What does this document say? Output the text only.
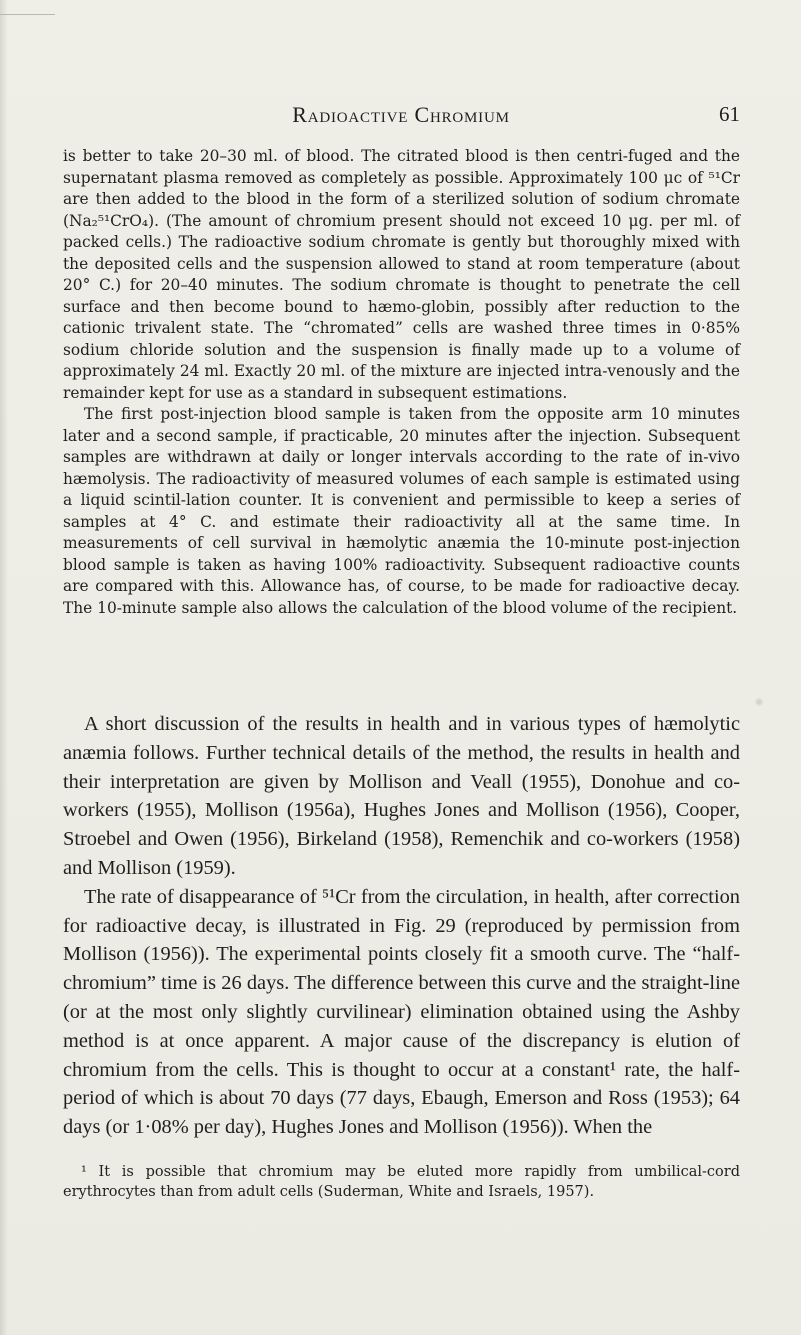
Radioactive Chromium	61

is better to take 20–30 ml. of blood. The citrated blood is then centri-fuged and the supernatant plasma removed as completely as possible. Approximately 100 μc of ⁵¹Cr are then added to the blood in the form of a sterilized solution of sodium chromate (Na₂⁵¹CrO₄). (The amount of chromium present should not exceed 10 μg. per ml. of packed cells.) The radioactive sodium chromate is gently but thoroughly mixed with the deposited cells and the suspension allowed to stand at room temperature (about 20° C.) for 20–40 minutes. The sodium chromate is thought to penetrate the cell surface and then become bound to hæmo-globin, possibly after reduction to the cationic trivalent state. The “chromated” cells are washed three times in 0·85% sodium chloride solution and the suspension is finally made up to a volume of approximately 24 ml. Exactly 20 ml. of the mixture are injected intra-venously and the remainder kept for use as a standard in subsequent estimations.

The first post-injection blood sample is taken from the opposite arm 10 minutes later and a second sample, if practicable, 20 minutes after the injection. Subsequent samples are withdrawn at daily or longer intervals according to the rate of in-vivo hæmolysis. The radioactivity of measured volumes of each sample is estimated using a liquid scintil-lation counter. It is convenient and permissible to keep a series of samples at 4° C. and estimate their radioactivity all at the same time. In measurements of cell survival in hæmolytic anæmia the 10-minute post-injection blood sample is taken as having 100% radioactivity. Subsequent radioactive counts are compared with this. Allowance has, of course, to be made for radioactive decay. The 10-minute sample also allows the calculation of the blood volume of the recipient.

A short discussion of the results in health and in various types of hæmolytic anæmia follows. Further technical details of the method, the results in health and their interpretation are given by Mollison and Veall (1955), Donohue and co-workers (1955), Mollison (1956a), Hughes Jones and Mollison (1956), Cooper, Stroebel and Owen (1956), Birkeland (1958), Remenchik and co-workers (1958) and Mollison (1959).

The rate of disappearance of ⁵¹Cr from the circulation, in health, after correction for radioactive decay, is illustrated in Fig. 29 (reproduced by permission from Mollison (1956)). The experimental points closely fit a smooth curve. The “half-chromium” time is 26 days. The difference between this curve and the straight-line (or at the most only slightly curvilinear) elimination obtained using the Ashby method is at once apparent. A major cause of the discrepancy is elution of chromium from the cells. This is thought to occur at a constant¹ rate, the half-period of which is about 70 days (77 days, Ebaugh, Emerson and Ross (1953); 64 days (or 1·08% per day), Hughes Jones and Mollison (1956)). When the

¹ It is possible that chromium may be eluted more rapidly from umbilical-cord erythrocytes than from adult cells (Suderman, White and Israels, 1957).
